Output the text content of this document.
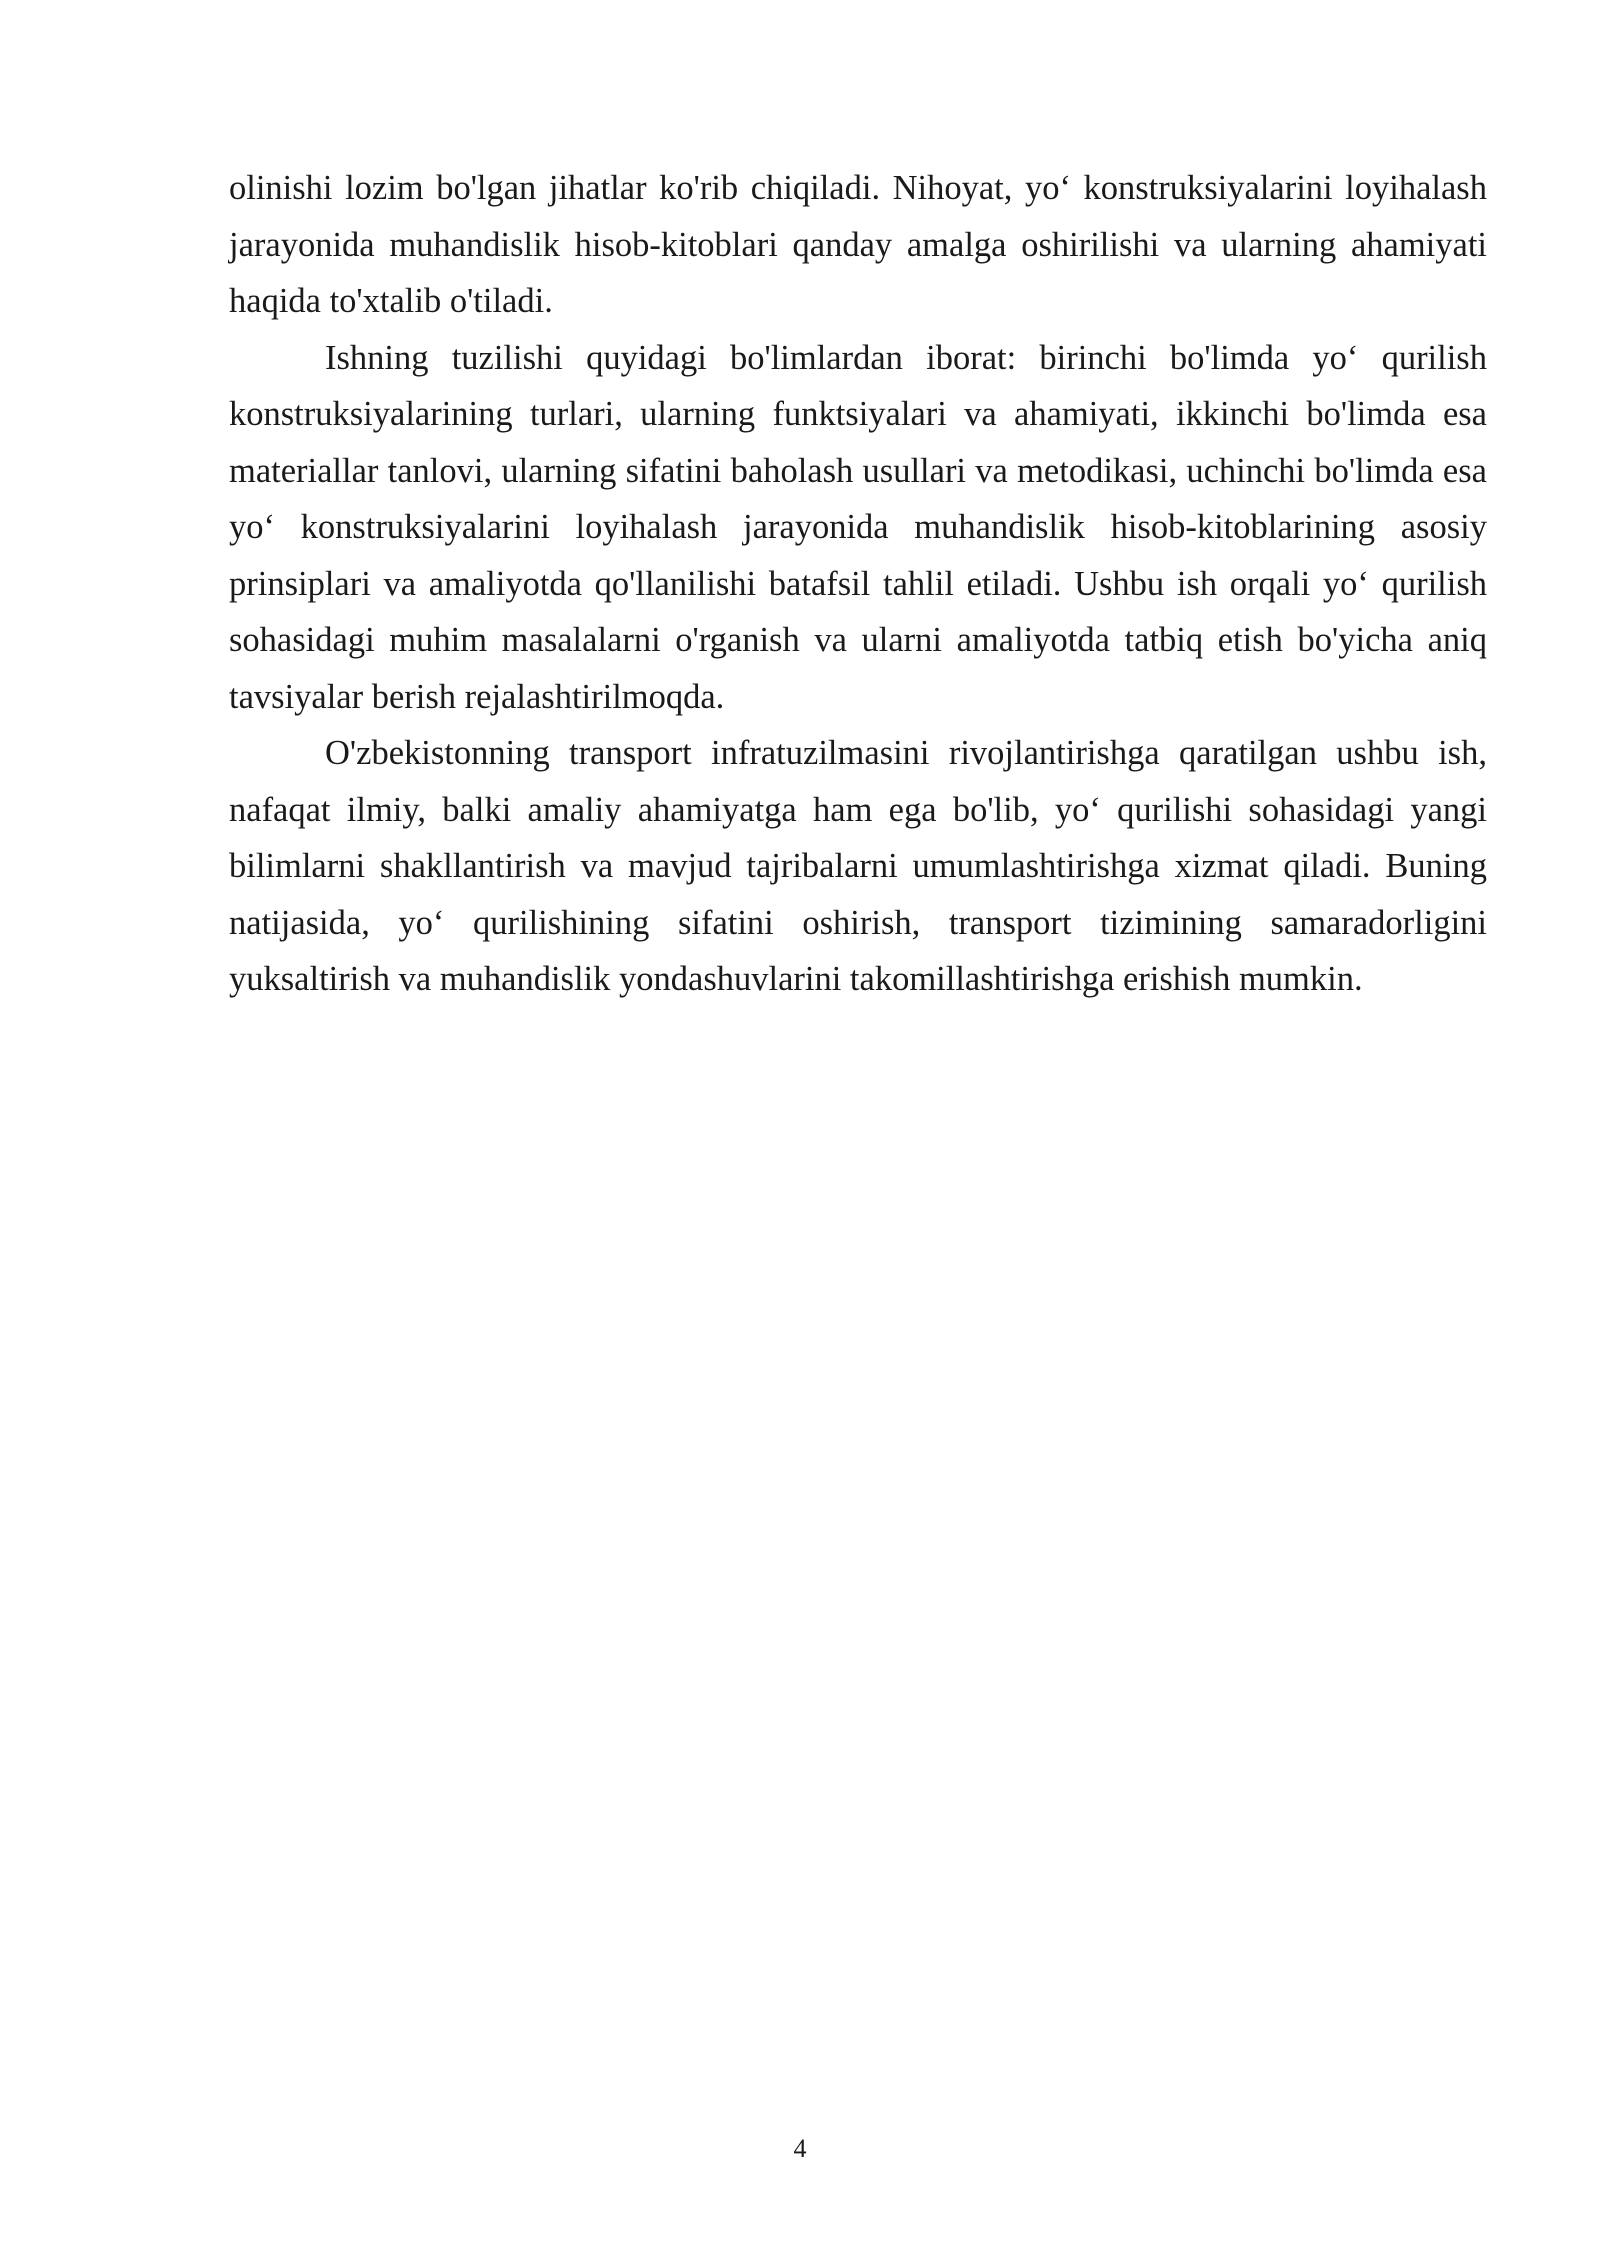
olinishi lozim bo'lgan jihatlar ko'rib chiqiladi. Nihoyat, yo‘ konstruksiyalarini loyihalash jarayonida muhandislik hisob-kitoblari qanday amalga oshirilishi va ularning ahamiyati haqida to'xtalib o'tiladi.

Ishning tuzilishi quyidagi bo'limlardan iborat: birinchi bo'limda yo‘ qurilish konstruksiyalarining turlari, ularning funktsiyalari va ahamiyati, ikkinchi bo'limda esa materiallar tanlovi, ularning sifatini baholash usullari va metodikasi, uchinchi bo'limda esa yo‘ konstruksiyalarini loyihalash jarayonida muhandislik hisob-kitoblarining asosiy prinsiplari va amaliyotda qo'llanilishi batafsil tahlil etiladi. Ushbu ish orqali yo‘ qurilish sohasidagi muhim masalalarni o'rganish va ularni amaliyotda tatbiq etish bo'yicha aniq tavsiyalar berish rejalashtirilmoqda.

O'zbekistonning transport infratuzilmasini rivojlantirishga qaratilgan ushbu ish, nafaqat ilmiy, balki amaliy ahamiyatga ham ega bo'lib, yo‘ qurilishi sohasidagi yangi bilimlarni shakllantirish va mavjud tajribalarni umumlashtirishga xizmat qiladi. Buning natijasida, yo‘ qurilishining sifatini oshirish, transport tizimining samaradorligini yuksaltirish va muhandislik yondashuvlarini takomillashtirishga erishish mumkin.

4
